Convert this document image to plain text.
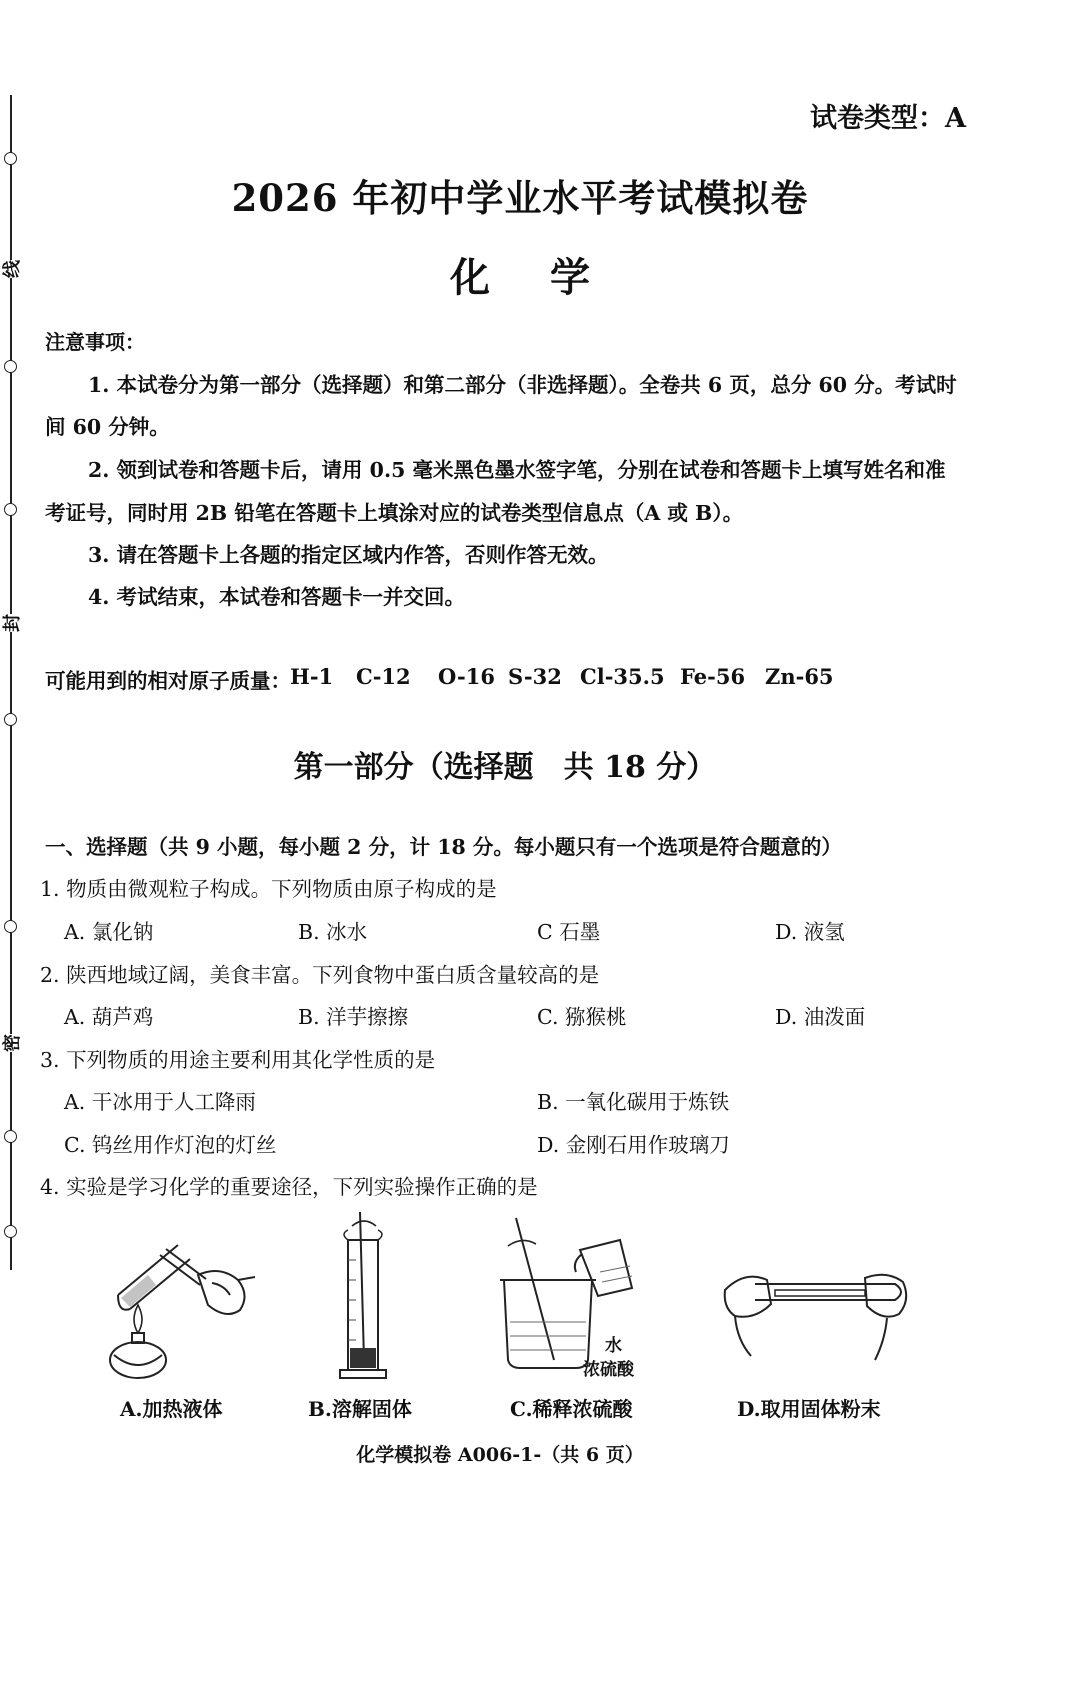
线
封
密
试卷类型：A
2026 年初中学业水平考试模拟卷
化学
注意事项：
1. 本试卷分为第一部分（选择题）和第二部分（非选择题）。全卷共 6 页，总分 60 分。考试时
间 60 分钟。
2. 领到试卷和答题卡后，请用 0.5 毫米黑色墨水签字笔，分别在试卷和答题卡上填写姓名和准
考证号，同时用 2B 铅笔在答题卡上填涂对应的试卷类型信息点（A 或 B）。
3. 请在答题卡上各题的指定区域内作答，否则作答无效。
4. 考试结束，本试卷和答题卡一并交回。
可能用到的相对原子质量： H-1 C-12 O-16 S-32 Cl-35.5 Fe-56 Zn-65
第一部分（选择题　共 18 分）
一、选择题（共 9 小题，每小题 2 分，计 18 分。每小题只有一个选项是符合题意的）
1. 物质由微观粒子构成。下列物质由原子构成的是
A. 氯化钠	B. 冰水	C 石墨	D. 液氢
2. 陕西地域辽阔，美食丰富。下列食物中蛋白质含量较高的是
A. 葫芦鸡	B. 洋芋擦擦	C. 猕猴桃	D. 油泼面
3. 下列物质的用途主要利用其化学性质的是
A. 干冰用于人工降雨	B. 一氧化碳用于炼铁
C. 钨丝用作灯泡的灯丝	D. 金刚石用作玻璃刀
4. 实验是学习化学的重要途径，下列实验操作正确的是
水
浓硫酸
A.加热液体	B.溶解固体	C.稀释浓硫酸	D.取用固体粉末
化学模拟卷 A006-1-（共 6 页）
